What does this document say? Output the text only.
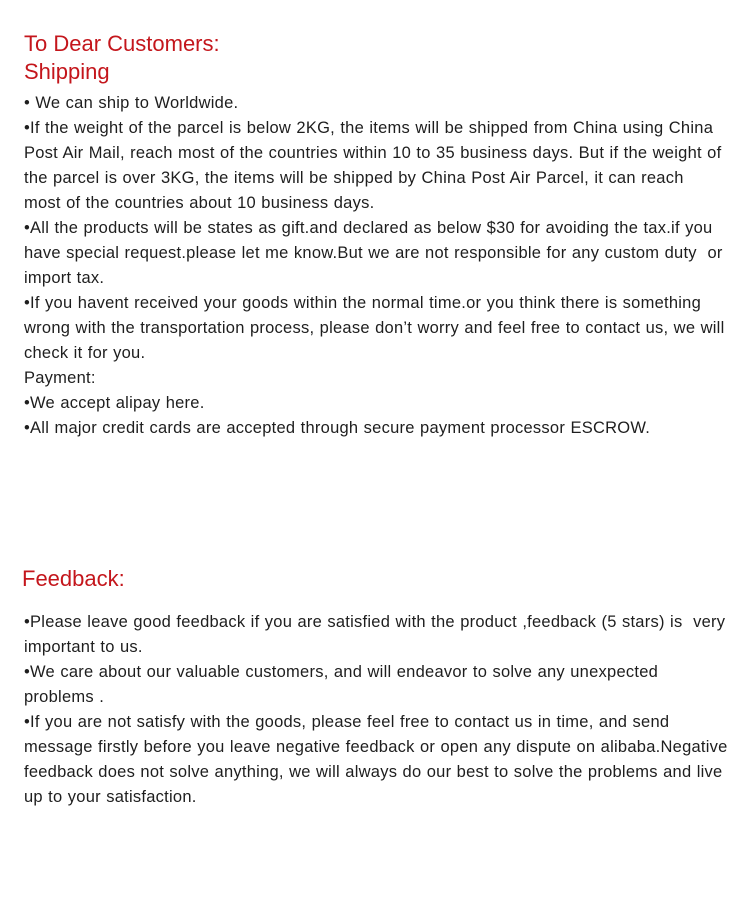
To Dear Customers:
Shipping

• We can ship to Worldwide.

•If the weight of the parcel is below 2KG, the items will be shipped from China using China Post Air Mail, reach most of the countries within 10 to 35 business days. But if the weight of the parcel is over 3KG, the items will be shipped by China Post Air Parcel, it can reach  most of the countries about 10 business days.

•All the products will be states as gift.and declared as below $30 for avoiding the tax.if you have special request.please let me know.But we are not responsible for any custom duty  or import tax.

•If you havent received your goods within the normal time.or you think there is something wrong with the transportation process, please don’t worry and feel free to contact us, we will check it for you.

Payment:

•We accept alipay here.

•All major credit cards are accepted through secure payment processor ESCROW.

Feedback:

•Please leave good feedback if you are satisfied with the product ,feedback (5 stars) is  very important to us.

•We care about our valuable customers, and will endeavor to solve any unexpected problems .

•If you are not satisfy with the goods, please feel free to contact us in time, and send  message firstly before you leave negative feedback or open any dispute on alibaba.Negative feedback does not solve anything, we will always do our best to solve the problems and live  up to your satisfaction.
